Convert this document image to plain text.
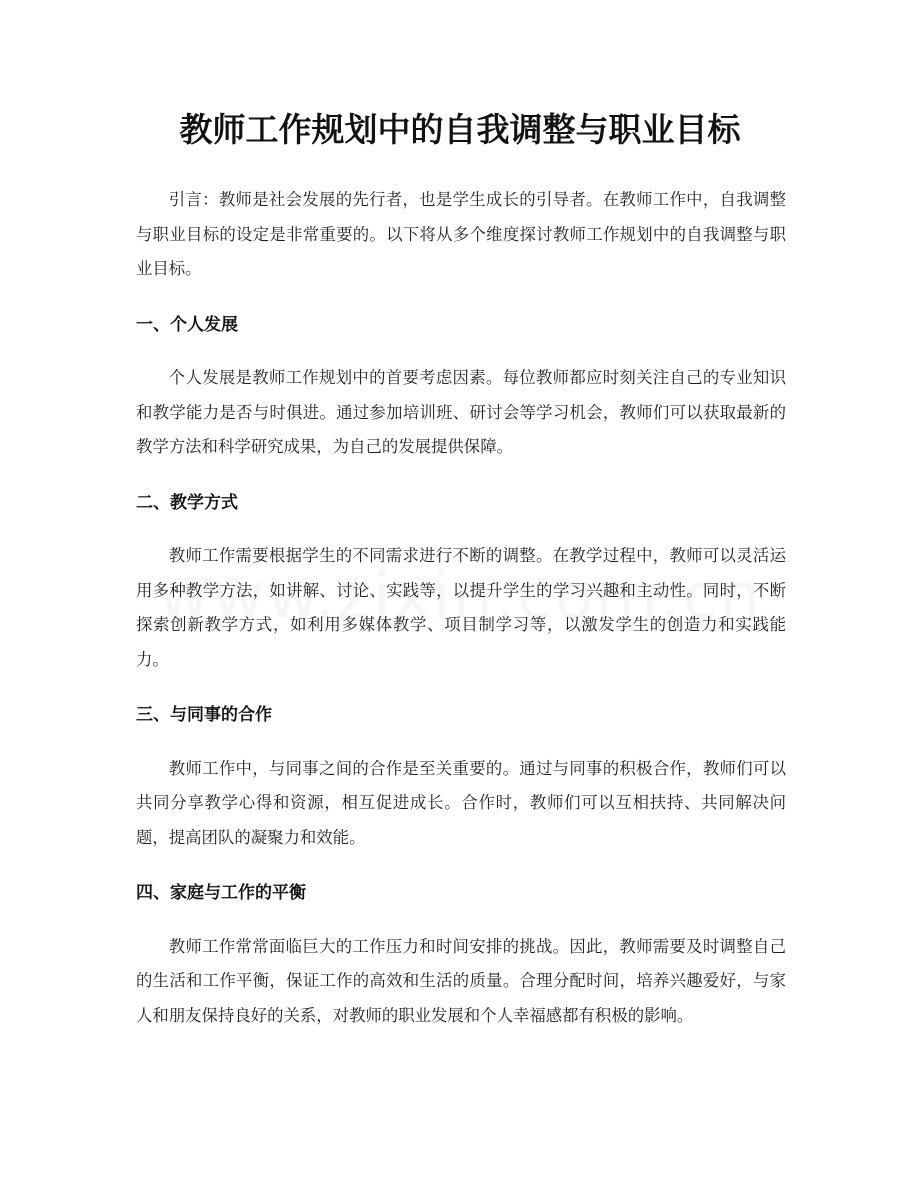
教师工作规划中的自我调整与职业目标

引言：教师是社会发展的先行者，也是学生成长的引导者。在教师工作中，自我调整与职业目标的设定是非常重要的。以下将从多个维度探讨教师工作规划中的自我调整与职业目标。

一、个人发展

个人发展是教师工作规划中的首要考虑因素。每位教师都应时刻关注自己的专业知识和教学能力是否与时俱进。通过参加培训班、研讨会等学习机会，教师们可以获取最新的教学方法和科学研究成果，为自己的发展提供保障。

二、教学方式

教师工作需要根据学生的不同需求进行不断的调整。在教学过程中，教师可以灵活运用多种教学方法，如讲解、讨论、实践等，以提升学生的学习兴趣和主动性。同时，不断探索创新教学方式，如利用多媒体教学、项目制学习等，以激发学生的创造力和实践能力。

三、与同事的合作

教师工作中，与同事之间的合作是至关重要的。通过与同事的积极合作，教师们可以共同分享教学心得和资源，相互促进成长。合作时，教师们可以互相扶持、共同解决问题，提高团队的凝聚力和效能。

四、家庭与工作的平衡

教师工作常常面临巨大的工作压力和时间安排的挑战。因此，教师需要及时调整自己的生活和工作平衡，保证工作的高效和生活的质量。合理分配时间，培养兴趣爱好，与家人和朋友保持良好的关系，对教师的职业发展和个人幸福感都有积极的影响。
